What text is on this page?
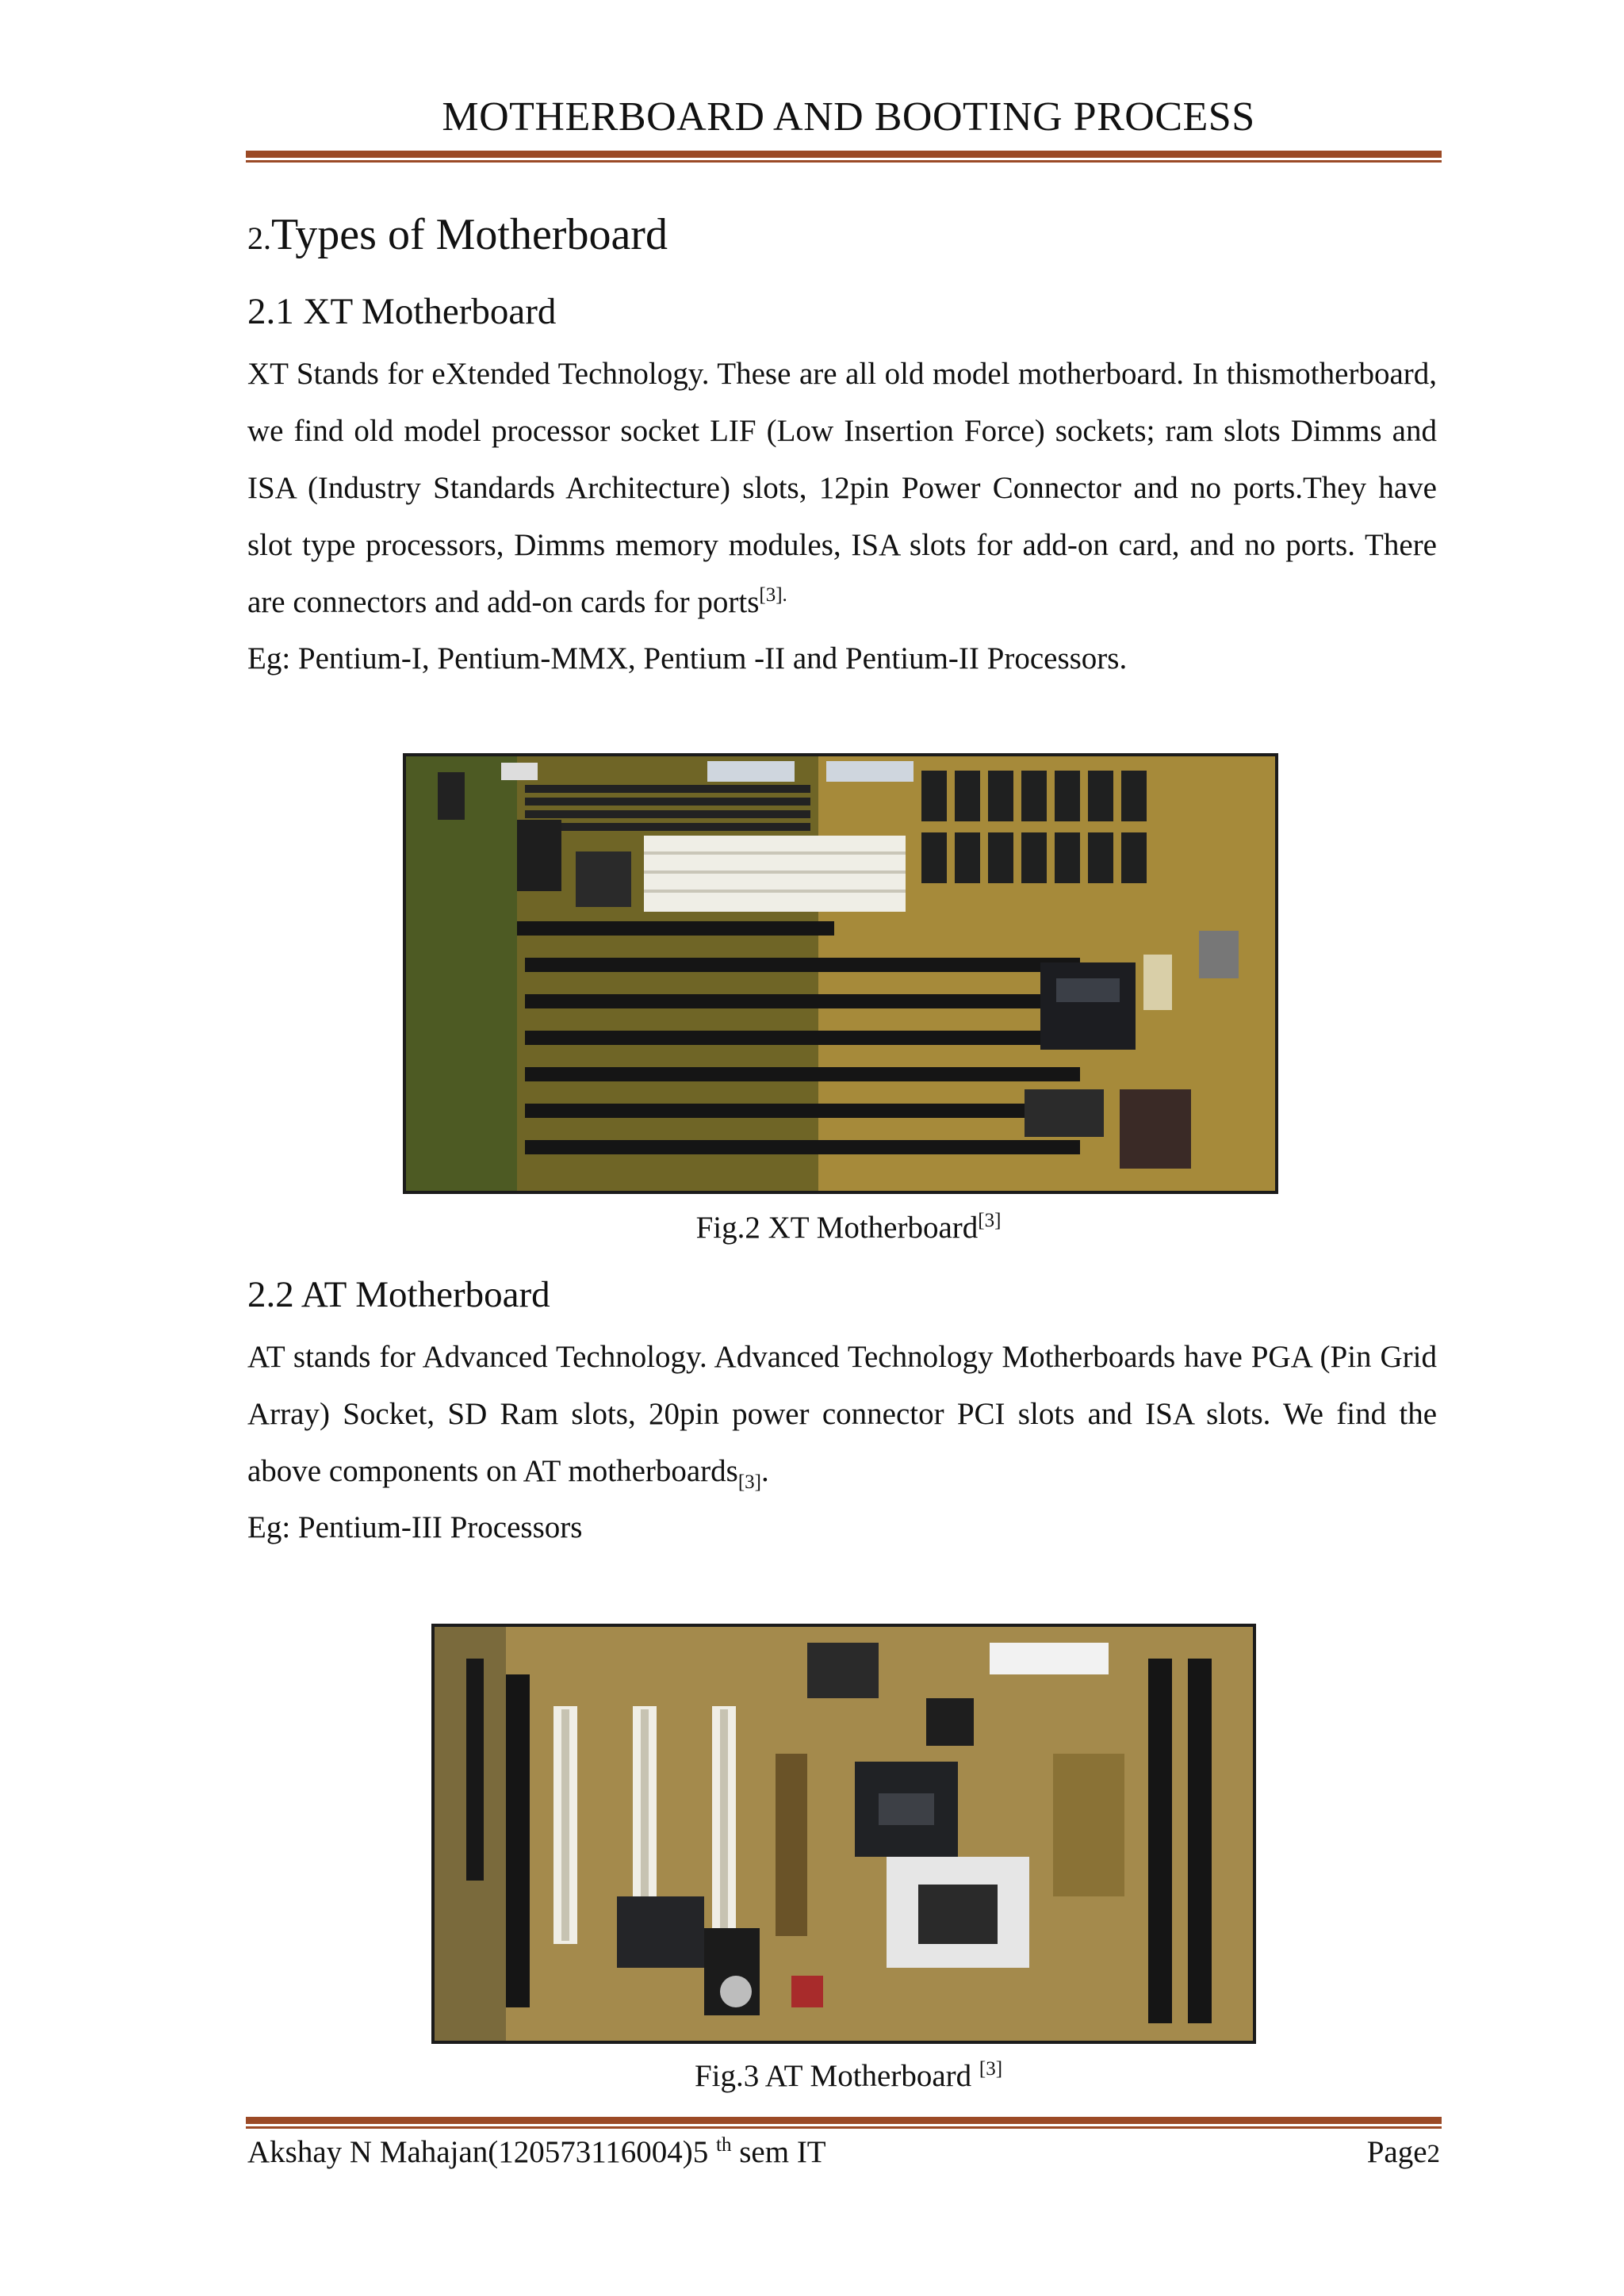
MOTHERBOARD AND BOOTING PROCESS
2.Types of Motherboard
2.1 XT Motherboard
XT Stands for eXtended Technology. These are all old model motherboard. In thismotherboard, we find old model processor socket LIF (Low Insertion Force) sockets; ram slots Dimms and ISA (Industry Standards Architecture) slots, 12pin Power Connector and no ports.They have slot type processors, Dimms memory modules, ISA slots for add-on card, and no ports. There are connectors and add-on cards for ports$^{[3].}$
Eg: Pentium-I, Pentium-MMX, Pentium -II and Pentium-II Processors.
Fig.2 XT Motherboard[3]
2.2 AT Motherboard
AT stands for Advanced Technology. Advanced Technology Motherboards have PGA (Pin Grid Array) Socket, SD Ram slots, 20pin power connector PCI slots and ISA slots. We find the above components on AT motherboards$_{[3]}$.
Eg: Pentium-III Processors
Fig.3 AT Motherboard [3]
Akshay N Mahajan(120573116004)5 $^{th}$ sem IT	Page2
